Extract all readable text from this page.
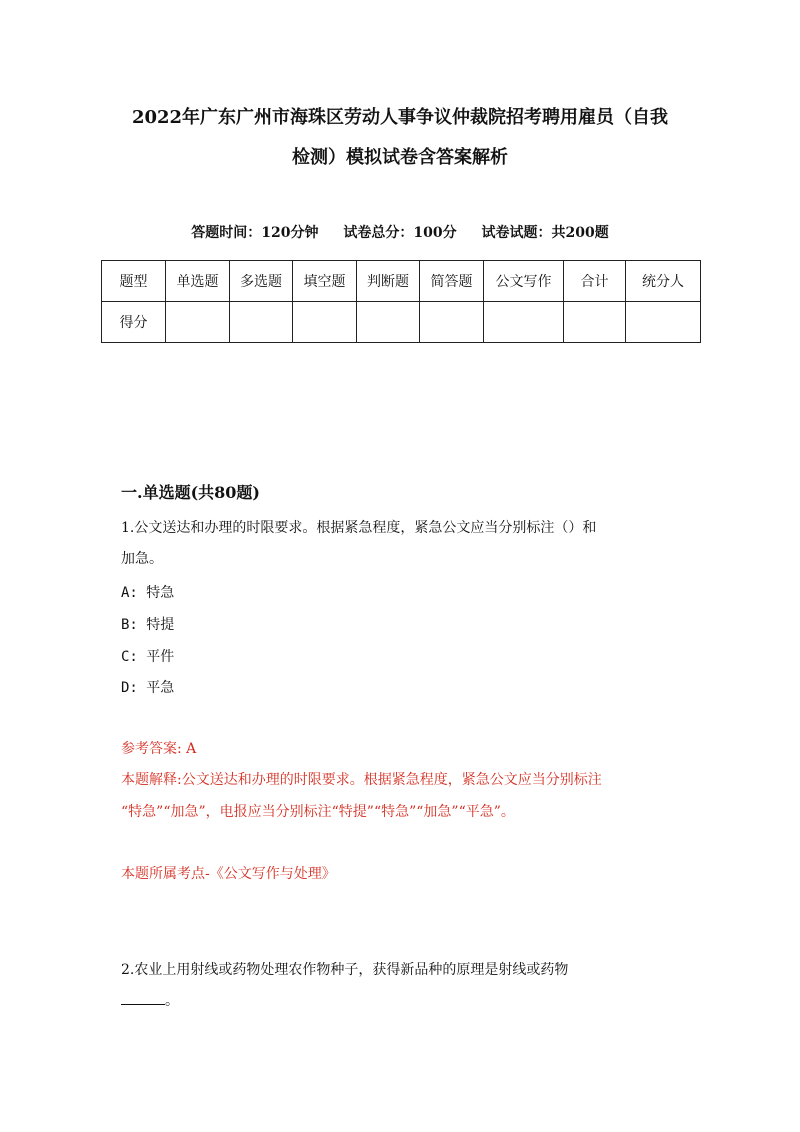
2022年广东广州市海珠区劳动人事争议仲裁院招考聘用雇员（自我
检测）模拟试卷含答案解析
答题时间：120分钟 试卷总分：100分 试卷试题：共200题
题型	单选题	多选题	填空题	判断题	简答题	公文写作	合计	统分人
得分								
一.单选题(共80题)

1.公文送达和办理的时限要求。根据紧急程度，紧急公文应当分别标注（）和

加急。

A: 特急

B: 特提

C: 平件

D: 平急

参考答案: A

本题解释:公文送达和办理的时限要求。根据紧急程度，紧急公文应当分别标注

“特急”“加急”，电报应当分别标注“特提”“特急”“加急”“平急”。

本题所属考点-《公文写作与处理》

2.农业上用射线或药物处理农作物种子，获得新品种的原理是射线或药物

。
